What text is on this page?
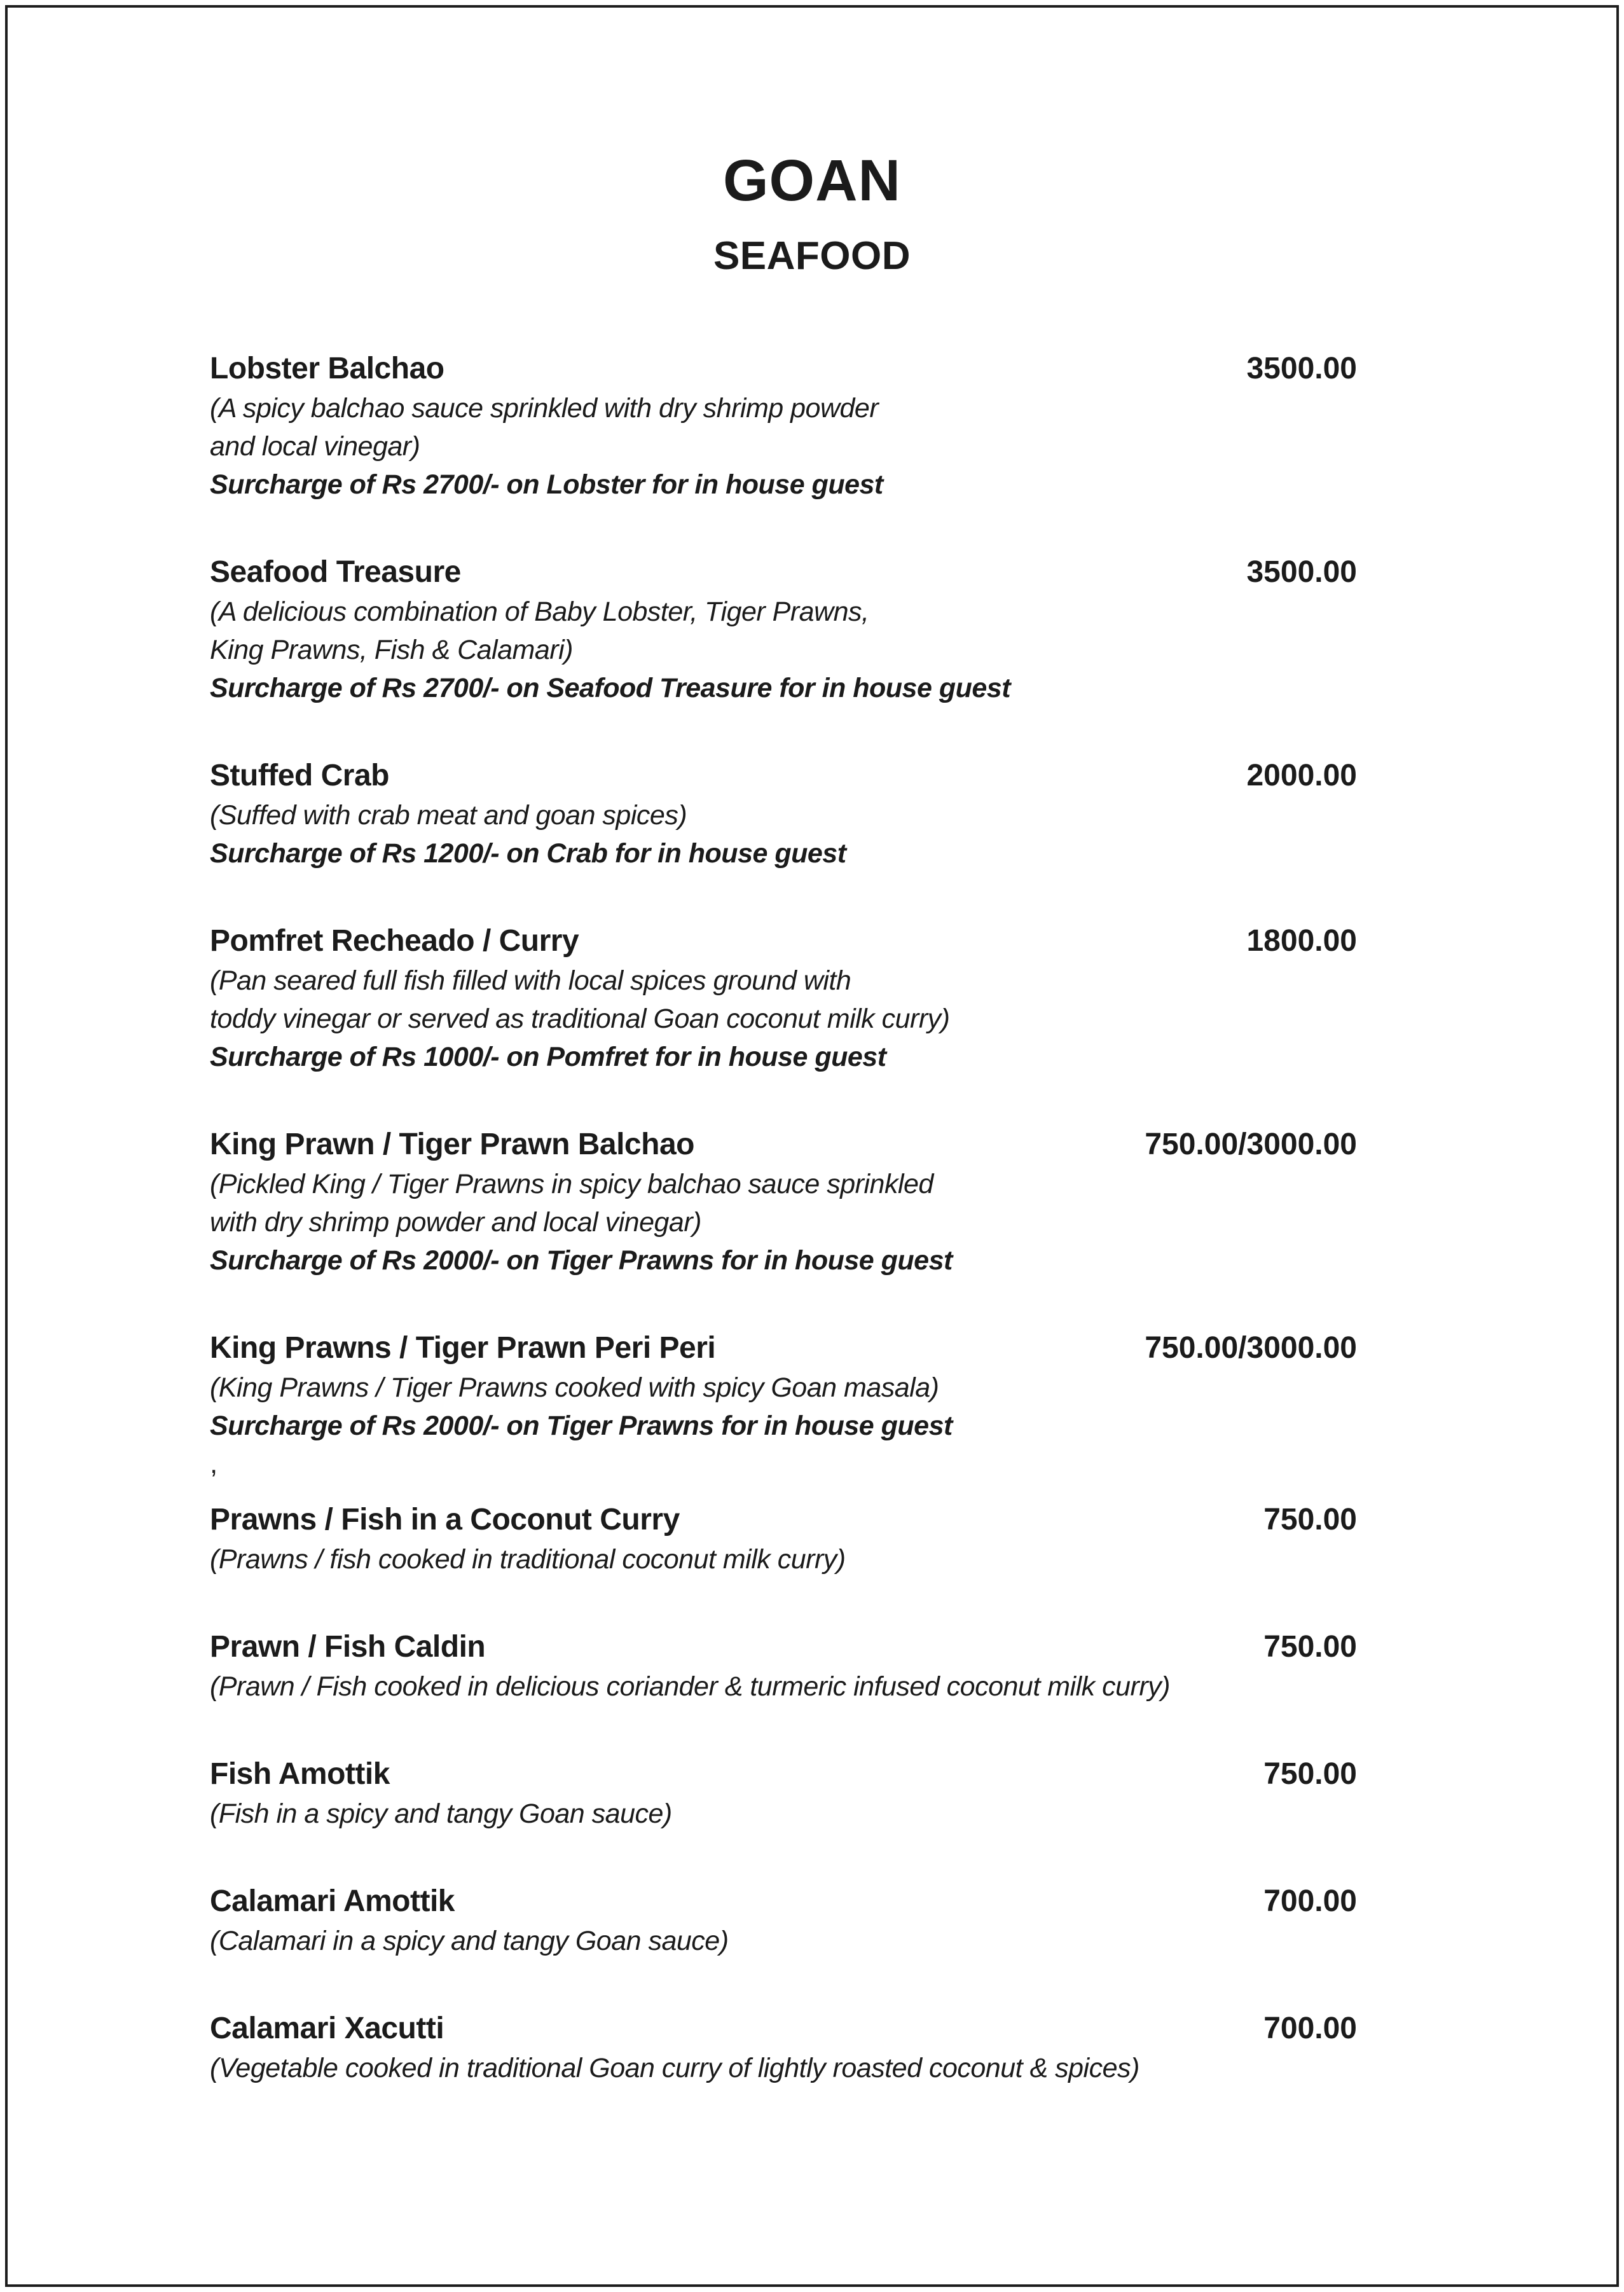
GOAN
SEAFOOD
Lobster Balchao	3500.00
(A spicy balchao sauce sprinkled with dry shrimp powder
and local vinegar)
Surcharge of Rs 2700/- on Lobster for in house guest
Seafood Treasure	3500.00
(A delicious combination of Baby Lobster, Tiger Prawns,
King Prawns, Fish & Calamari)
Surcharge of Rs 2700/- on Seafood Treasure for in house guest
Stuffed Crab	2000.00
(Suffed with crab meat and goan spices)
Surcharge of Rs 1200/- on Crab for in house guest
Pomfret Recheado / Curry	1800.00
(Pan seared full fish filled with local spices ground with
toddy vinegar or served as traditional Goan coconut milk curry)
Surcharge of Rs 1000/- on Pomfret for in house guest
King Prawn / Tiger Prawn Balchao	750.00/3000.00
(Pickled King / Tiger Prawns in spicy balchao sauce sprinkled
with dry shrimp powder and local vinegar)
Surcharge of Rs 2000/- on Tiger Prawns for in house guest
King Prawns / Tiger Prawn Peri Peri	750.00/3000.00
(King Prawns / Tiger Prawns cooked with spicy Goan masala)
Surcharge of Rs 2000/- on Tiger Prawns for in house guest
,
Prawns / Fish in a Coconut Curry	750.00
(Prawns / fish cooked in traditional coconut milk curry)
Prawn / Fish Caldin	750.00
(Prawn / Fish cooked in delicious coriander & turmeric infused coconut milk curry)
Fish Amottik	750.00
(Fish in a spicy and tangy Goan sauce)
Calamari Amottik	700.00
(Calamari in a spicy and tangy Goan sauce)
Calamari Xacutti	700.00
(Vegetable cooked in traditional Goan curry of lightly roasted coconut & spices)
